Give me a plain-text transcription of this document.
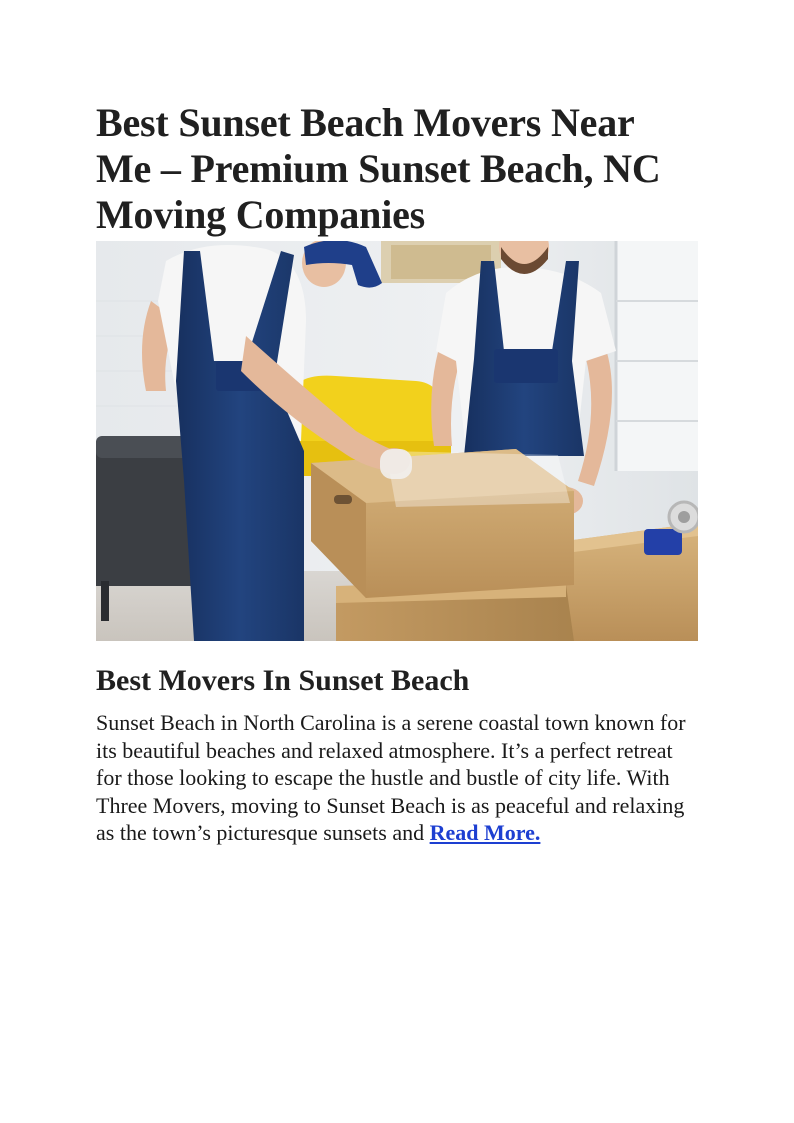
Best Sunset Beach Movers Near Me – Premium Sunset Beach, NC Moving Companies
Best Movers In Sunset Beach

Sunset Beach in North Carolina is a serene coastal town known for its beautiful beaches and relaxed atmosphere. It’s a perfect retreat for those looking to escape the hustle and bustle of city life. With Three Movers, moving to Sunset Beach is as peaceful and relaxing as the town’s picturesque sunsets and Read More.
